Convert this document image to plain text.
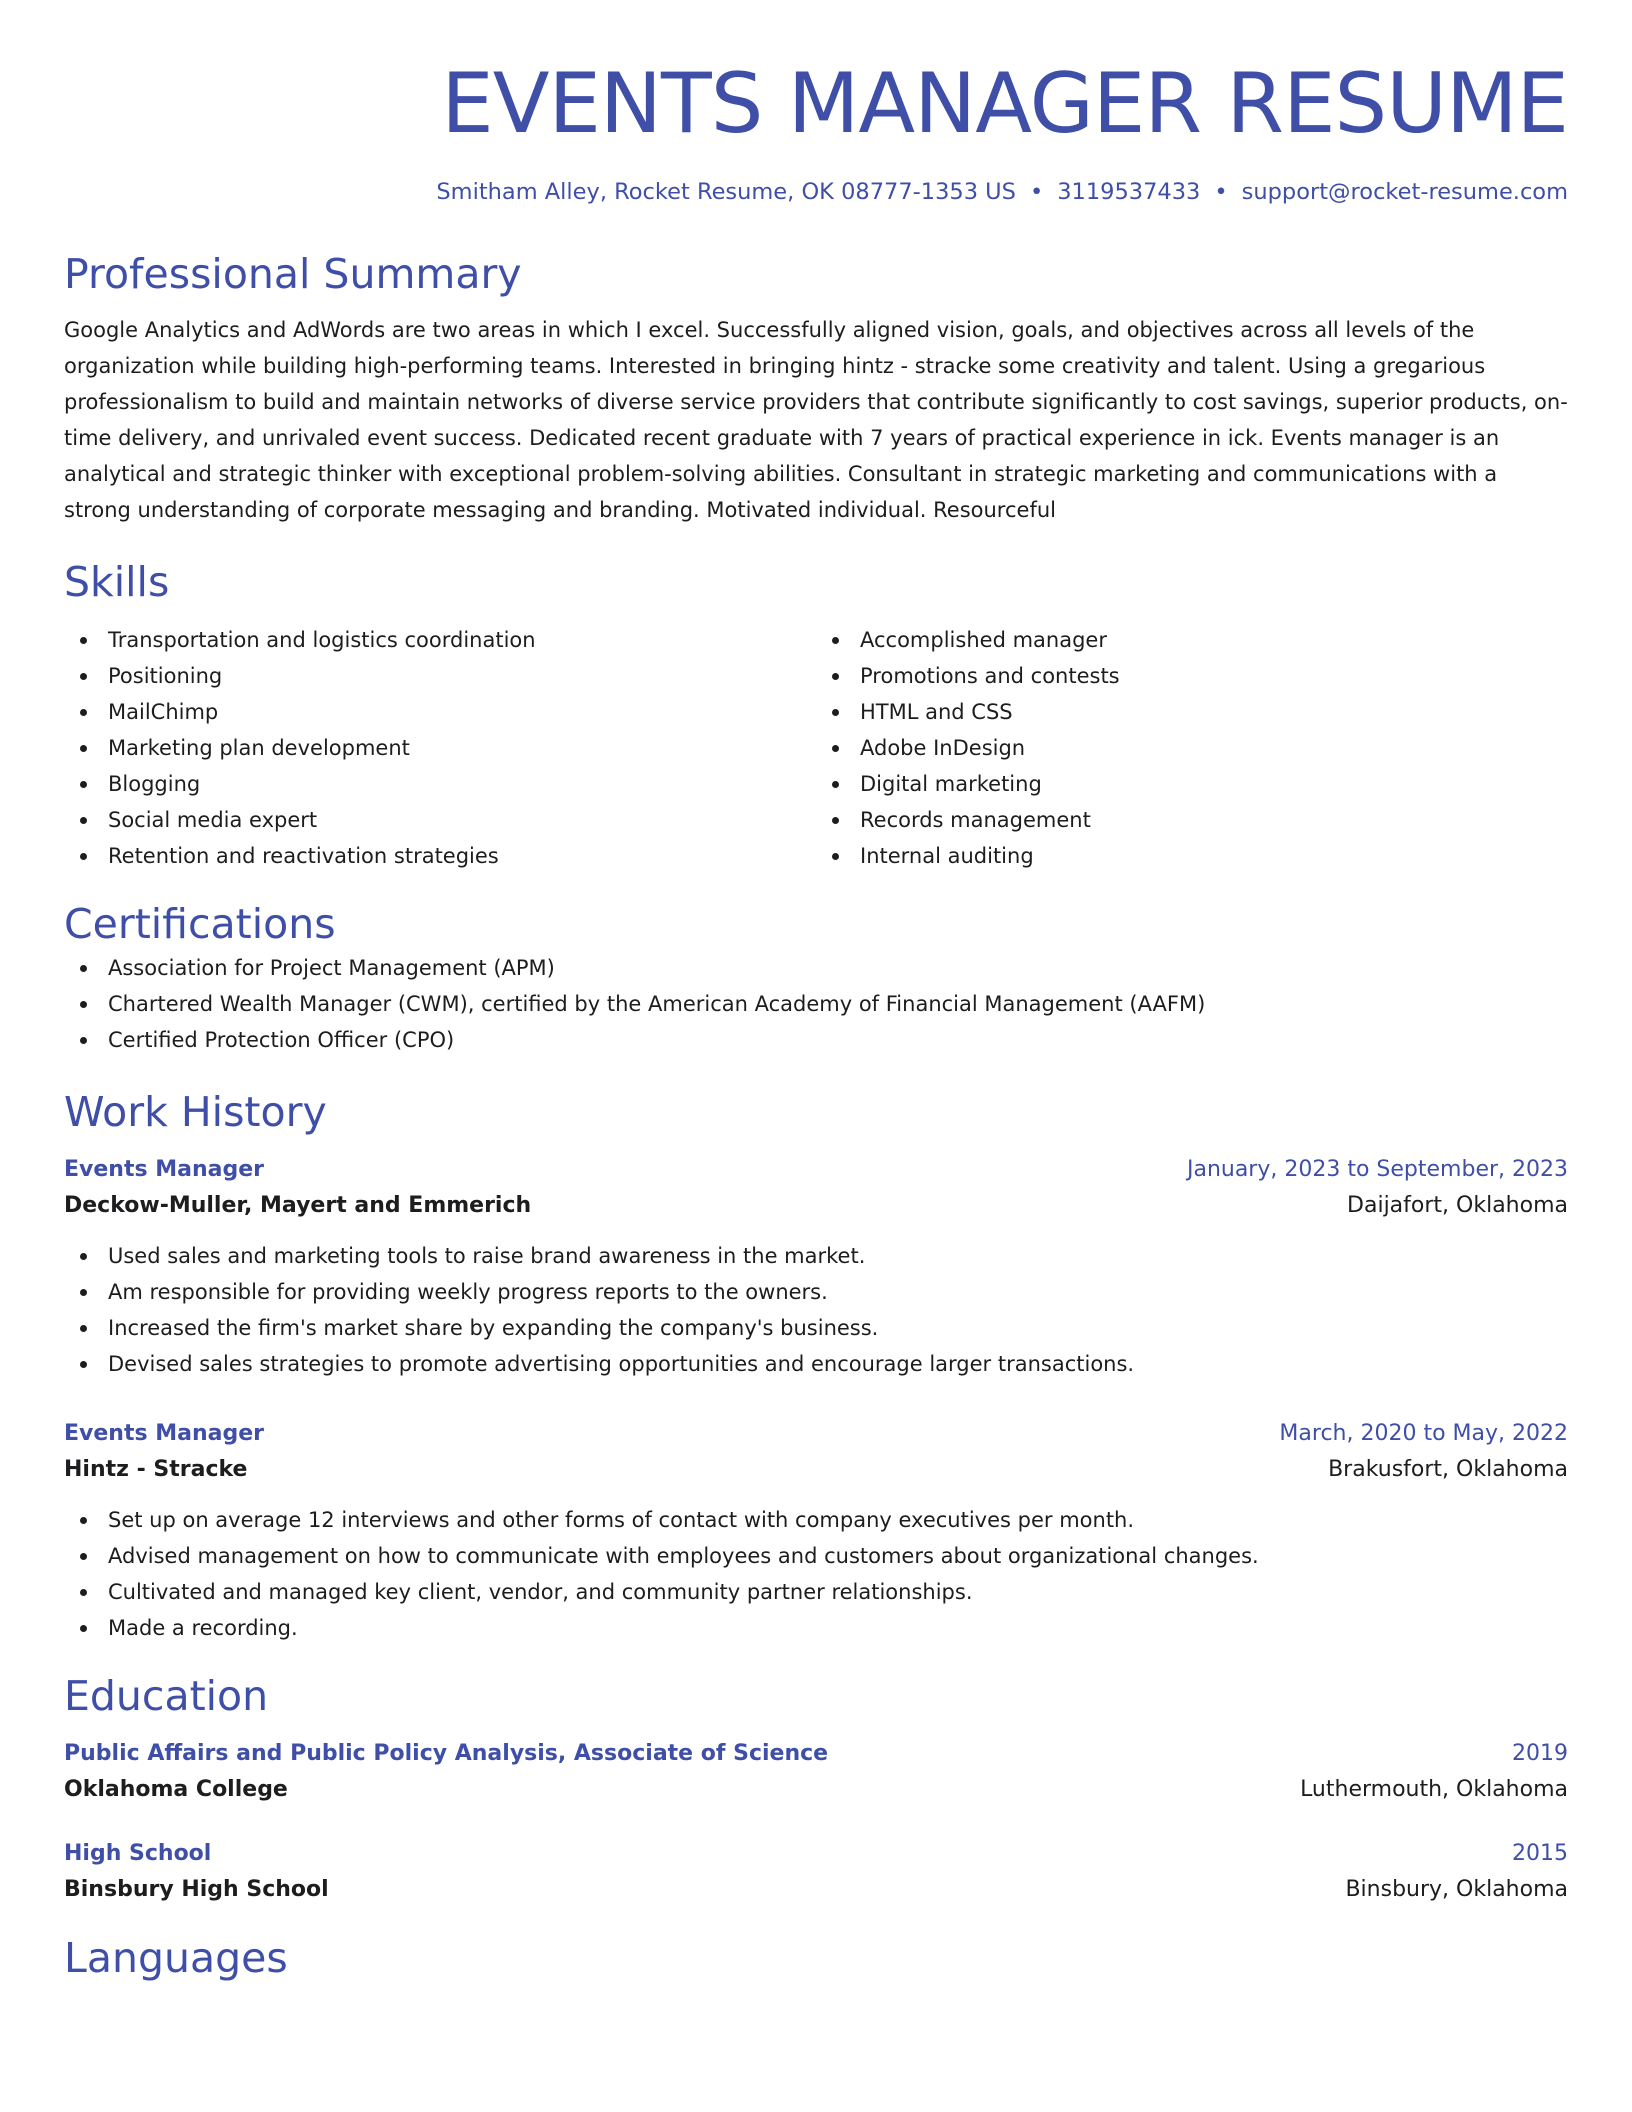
EVENTS MANAGER RESUME
Smitham Alley, Rocket Resume, OK 08777-1353 US • 3119537433 • support@rocket-resume.com
Professional Summary
Google Analytics and AdWords are two areas in which I excel. Successfully aligned vision, goals, and objectives across all levels of the organization while building high-performing teams. Interested in bringing hintz - stracke some creativity and talent. Using a gregarious professionalism to build and maintain networks of diverse service providers that contribute significantly to cost savings, superior products, on-time delivery, and unrivaled event success. Dedicated recent graduate with 7 years of practical experience in ick. Events manager is an analytical and strategic thinker with exceptional problem-solving abilities. Consultant in strategic marketing and communications with a strong understanding of corporate messaging and branding. Motivated individual. Resourceful
Skills
Transportation and logistics coordination
Positioning
MailChimp
Marketing plan development
Blogging
Social media expert
Retention and reactivation strategies
Accomplished manager
Promotions and contests
HTML and CSS
Adobe InDesign
Digital marketing
Records management
Internal auditing
Certifications
Association for Project Management (APM)
Chartered Wealth Manager (CWM), certified by the American Academy of Financial Management (AAFM)
Certified Protection Officer (CPO)
Work History
Events Manager	January, 2023 to September, 2023
Deckow-Muller, Mayert and Emmerich	Daijafort, Oklahoma
Used sales and marketing tools to raise brand awareness in the market.
Am responsible for providing weekly progress reports to the owners.
Increased the firm's market share by expanding the company's business.
Devised sales strategies to promote advertising opportunities and encourage larger transactions.
Events Manager	March, 2020 to May, 2022
Hintz - Stracke	Brakusfort, Oklahoma
Set up on average 12 interviews and other forms of contact with company executives per month.
Advised management on how to communicate with employees and customers about organizational changes.
Cultivated and managed key client, vendor, and community partner relationships.
Made a recording.
Education
Public Affairs and Public Policy Analysis, Associate of Science	2019
Oklahoma College	Luthermouth, Oklahoma
High School	2015
Binsbury High School	Binsbury, Oklahoma
Languages
